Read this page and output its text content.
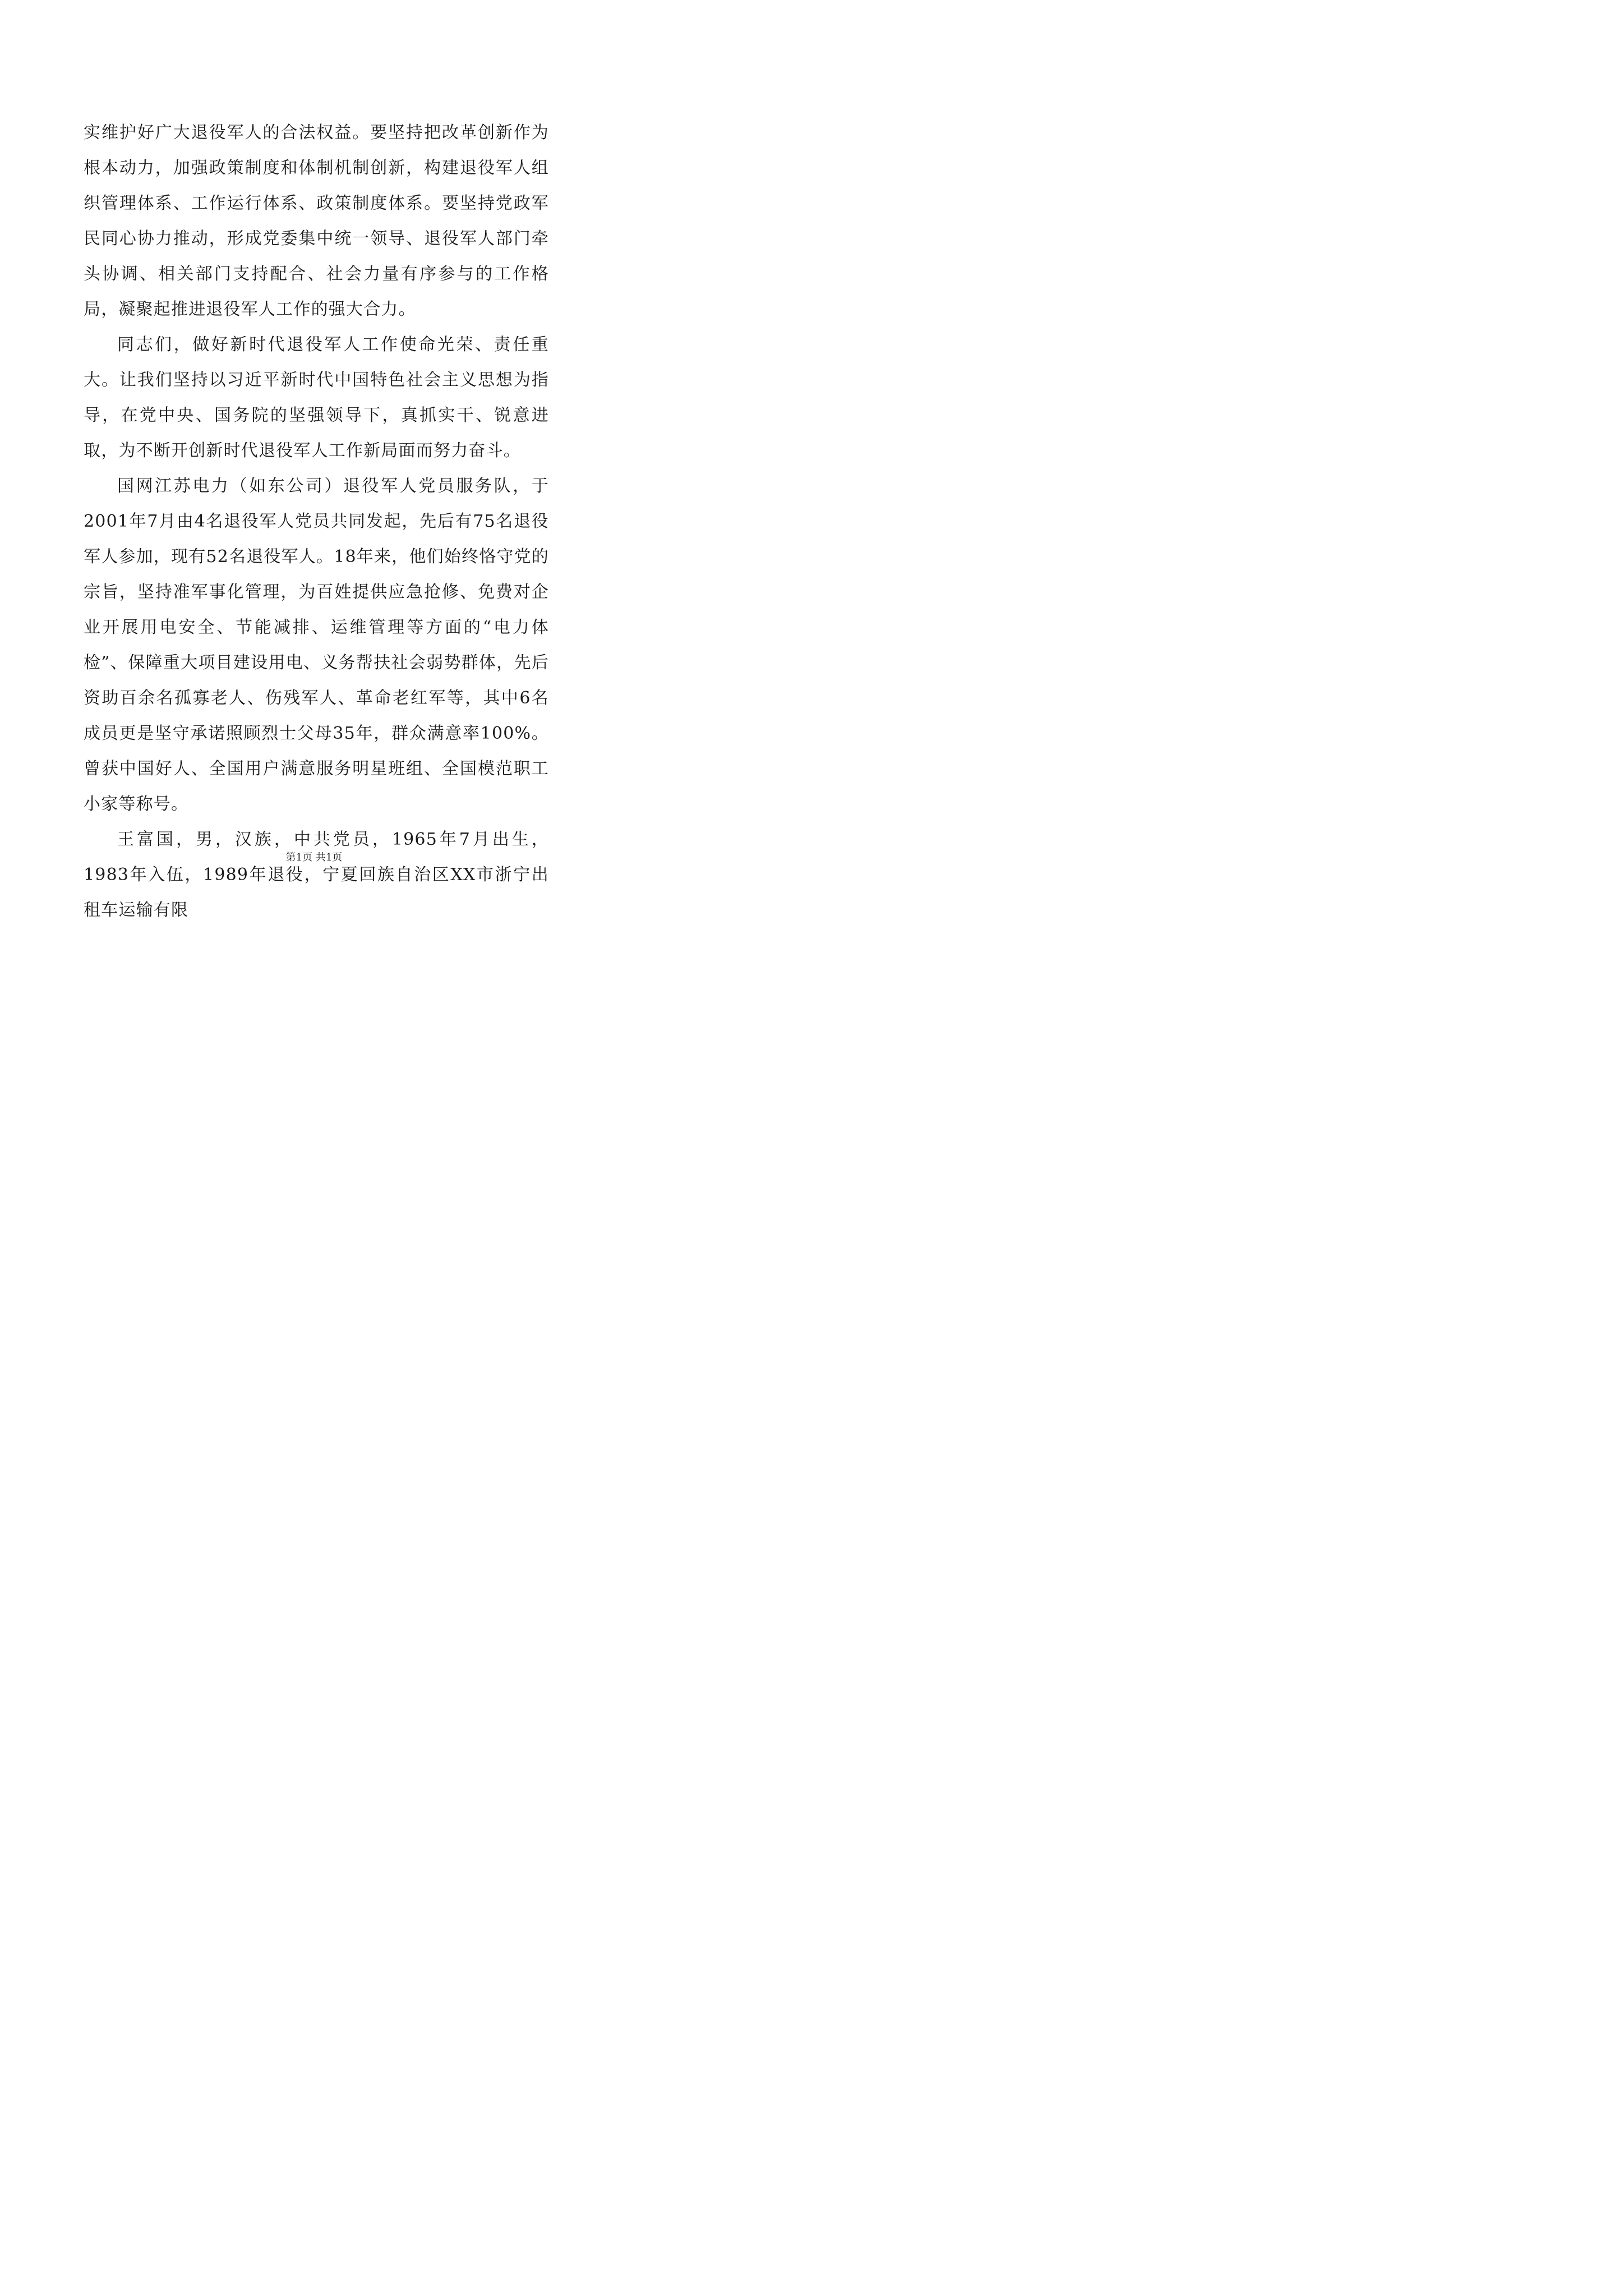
实维护好广大退役军人的合法权益。要坚持把改革创新作为根本动力，加强政策制度和体制机制创新，构建退役军人组织管理体系、工作运行体系、政策制度体系。要坚持党政军民同心协力推动，形成党委集中统一领导、退役军人部门牵头协调、相关部门支持配合、社会力量有序参与的工作格局，凝聚起推进退役军人工作的强大合力。

同志们，做好新时代退役军人工作使命光荣、责任重大。让我们坚持以习近平新时代中国特色社会主义思想为指导，在党中央、国务院的坚强领导下，真抓实干、锐意进取，为不断开创新时代退役军人工作新局面而努力奋斗。

国网江苏电力（如东公司）退役军人党员服务队，于2001年7月由4名退役军人党员共同发起，先后有75名退役军人参加，现有52名退役军人。18年来，他们始终恪守党的宗旨，坚持准军事化管理，为百姓提供应急抢修、免费对企业开展用电安全、节能减排、运维管理等方面的“电力体检”、保障重大项目建设用电、义务帮扶社会弱势群体，先后资助百余名孤寡老人、伤残军人、革命老红军等，其中6名成员更是坚守承诺照顾烈士父母35年，群众满意率100%。曾获中国好人、全国用户满意服务明星班组、全国模范职工小家等称号。

王富国，男，汉族，中共党员，1965年7月出生，1983年入伍，1989年退役，宁夏回族自治区XX市浙宁出租车运输有限

第1页 共1页
